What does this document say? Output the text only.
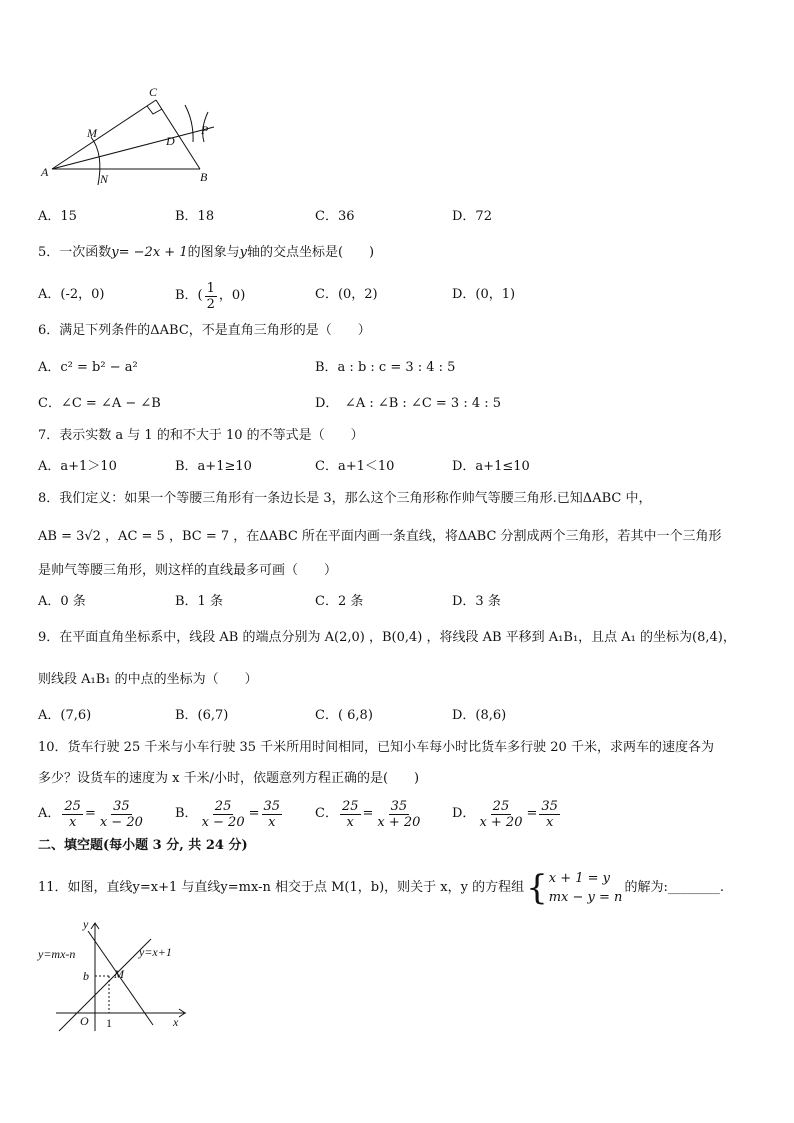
A	B
C
D
M
N
P
A．15	B．18	C．36	D．72
5．一次函数y= −2x + 1的图象与y轴的交点坐标是(　　)
A．(-2，0)	B．( $\frac{1}{2}$ ，0)	C．(0，2)	D．(0，1)
6．满足下列条件的ΔABC，不是直角三角形的是（　　）
A．c² = b² − a²	B．a : b : c = 3 : 4 : 5
C．∠C = ∠A − ∠B	D．　∠A : ∠B : ∠C = 3 : 4 : 5
7．表示实数 a 与 1 的和不大于 10 的不等式是（　　）
A．a+1＞10	B．a+1≥10	C．a+1＜10	D．a+1≤10
8．我们定义：如果一个等腰三角形有一条边长是 3，那么这个三角形称作帅气等腰三角形.已知ΔABC 中，
AB = 3√2 ，AC = 5 ，BC = 7 ，在ΔABC 所在平面内画一条直线，将ΔABC 分割成两个三角形，若其中一个三角形
是帅气等腰三角形，则这样的直线最多可画（　　）
A．0 条	B．1 条	C．2 条	D．3 条
9．在平面直角坐标系中，线段 AB 的端点分别为 A(2,0) ，B(0,4) ，将线段 AB 平移到 A₁B₁，且点 A₁ 的坐标为(8,4)，
则线段 A₁B₁ 的中点的坐标为（　　）
A．(7,6)	B．(6,7)	C．( 6,8)	D．(8,6)
10．货车行驶 25 千米与小车行驶 35 千米所用时间相同，已知小车每小时比货车多行驶 20 千米，求两车的速度各为
多少？设货车的速度为 x 千米/小时，依题意列方程正确的是(　　)
A． $\frac{25}{x} = \frac{35}{x - 20}$ B． $\frac{25}{x - 20} = \frac{35}{x}$	C． $\frac{25}{x} = \frac{35}{x + 20}$ D． $\frac{25}{x + 20} = \frac{35}{x}$
二、填空题(每小题 3 分, 共 24 分)
11．如图，直线y=x+1 与直线y=mx-n 相交于点 M(1，b)，则关于 x，y 的方程组 { x + 1 = y
mx − y = n
的解为:________.
y
x
y=mx-n	y=x+1
b M
O 1
